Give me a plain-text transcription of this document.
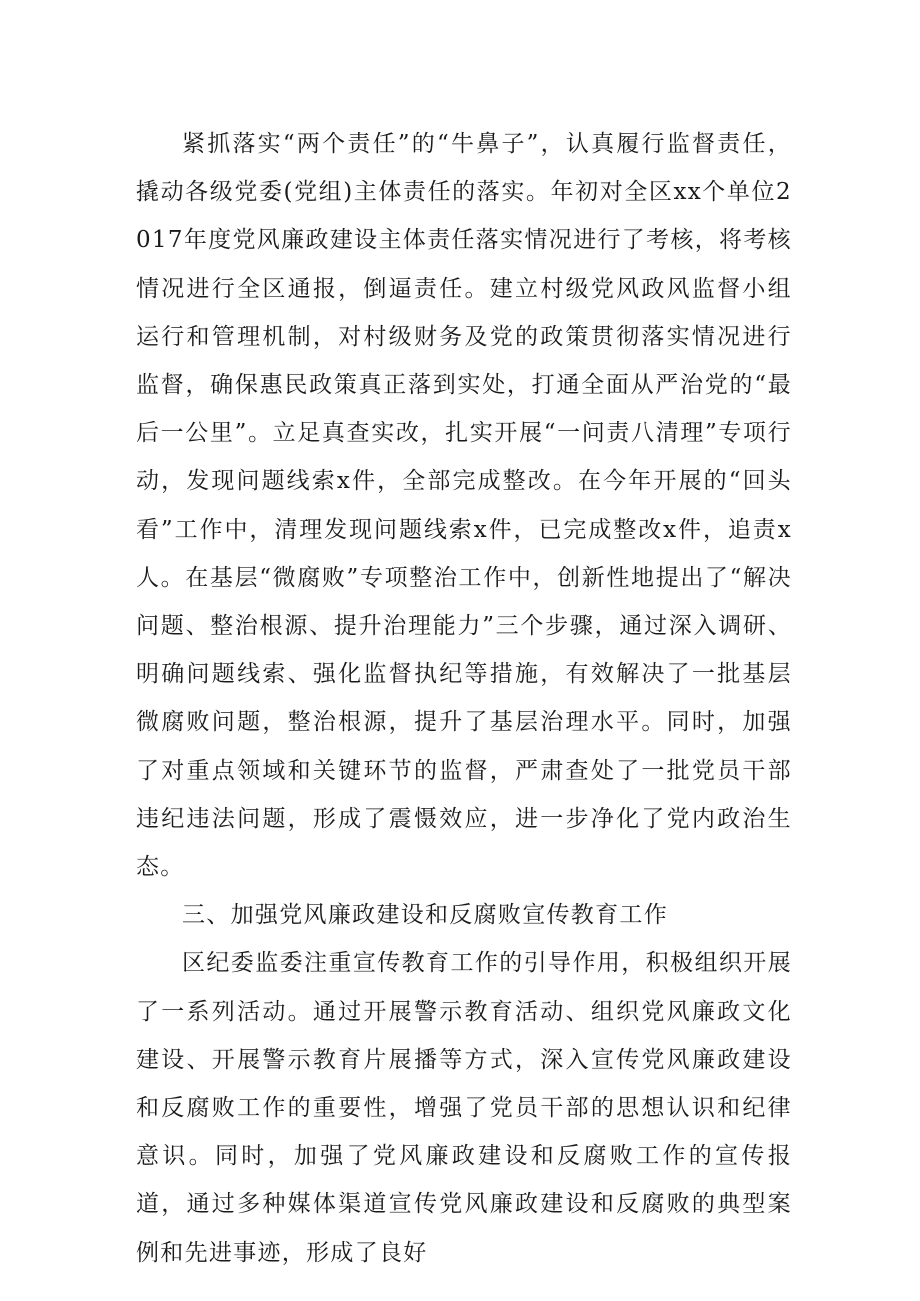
紧抓落实“两个责任”的“牛鼻子”，认真履行监督责任，撬动各级党委(党组)主体责任的落实。年初对全区xx个单位2017年度党风廉政建设主体责任落实情况进行了考核，将考核情况进行全区通报，倒逼责任。建立村级党风政风监督小组运行和管理机制，对村级财务及党的政策贯彻落实情况进行监督，确保惠民政策真正落到实处，打通全面从严治党的“最后一公里”。立足真查实改，扎实开展“一问责八清理”专项行动，发现问题线索x件，全部完成整改。在今年开展的“回头看”工作中，清理发现问题线索x件，已完成整改x件，追责x人。在基层“微腐败”专项整治工作中，创新性地提出了“解决问题、整治根源、提升治理能力”三个步骤，通过深入调研、明确问题线索、强化监督执纪等措施，有效解决了一批基层微腐败问题，整治根源，提升了基层治理水平。同时，加强了对重点领域和关键环节的监督，严肃查处了一批党员干部违纪违法问题，形成了震慑效应，进一步净化了党内政治生态。

三、加强党风廉政建设和反腐败宣传教育工作

区纪委监委注重宣传教育工作的引导作用，积极组织开展了一系列活动。通过开展警示教育活动、组织党风廉政文化建设、开展警示教育片展播等方式，深入宣传党风廉政建设和反腐败工作的重要性，增强了党员干部的思想认识和纪律意识。同时，加强了党风廉政建设和反腐败工作的宣传报道，通过多种媒体渠道宣传党风廉政建设和反腐败的典型案例和先进事迹，形成了良好
